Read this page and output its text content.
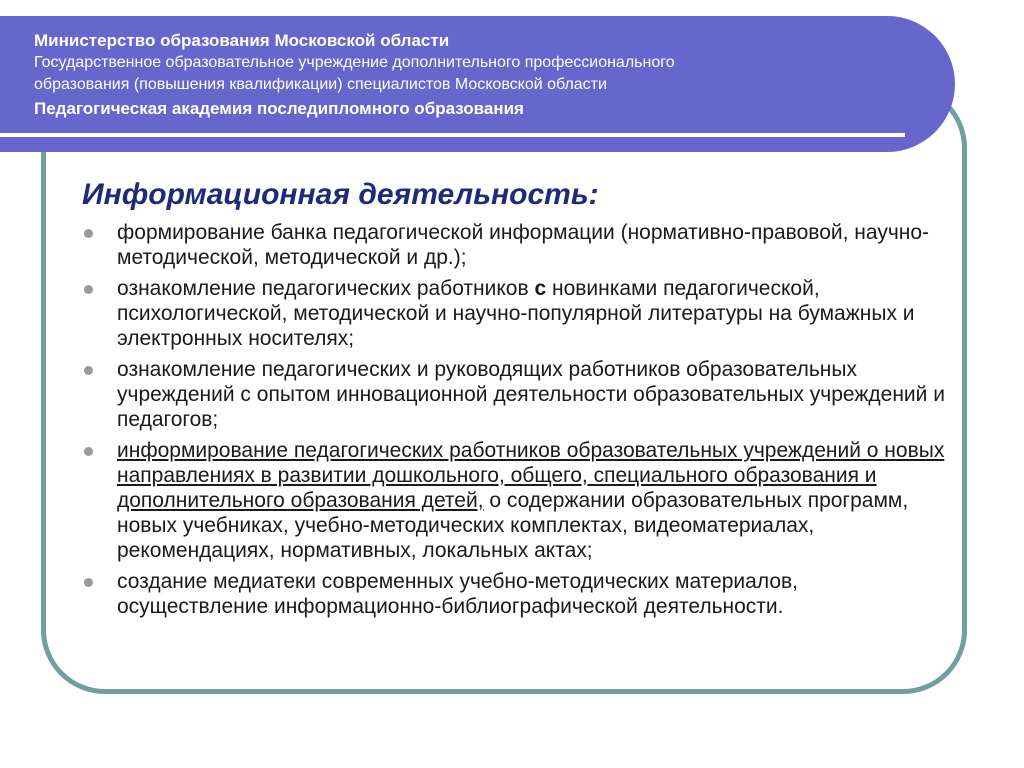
Министерство образования Московской области

Государственное образовательное учреждение дополнительного профессионального

образования (повышения квалификации) специалистов Московской области

Педагогическая академия последипломного образования

Информационная деятельность:
формирование банка педагогической информации (нормативно-правовой, научно-методической, методической и др.);
ознакомление педагогических работников с новинками педагогической, психологической, методической и научно-популярной литературы на бумажных и электронных носителях;
ознакомление педагогических и руководящих работников образовательных учреждений с опытом инновационной деятельности образовательных учреждений и педагогов;
информирование педагогических работников образовательных учреждений о новых направлениях в развитии дошкольного, общего, специального образования и дополнительного образования детей, о содержании образовательных программ, новых учебниках, учебно-методических комплектах, видеоматериалах, рекомендациях, нормативных, локальных актах;
создание медиатеки современных учебно-методических материалов, осуществление информационно-библиографической деятельности.
